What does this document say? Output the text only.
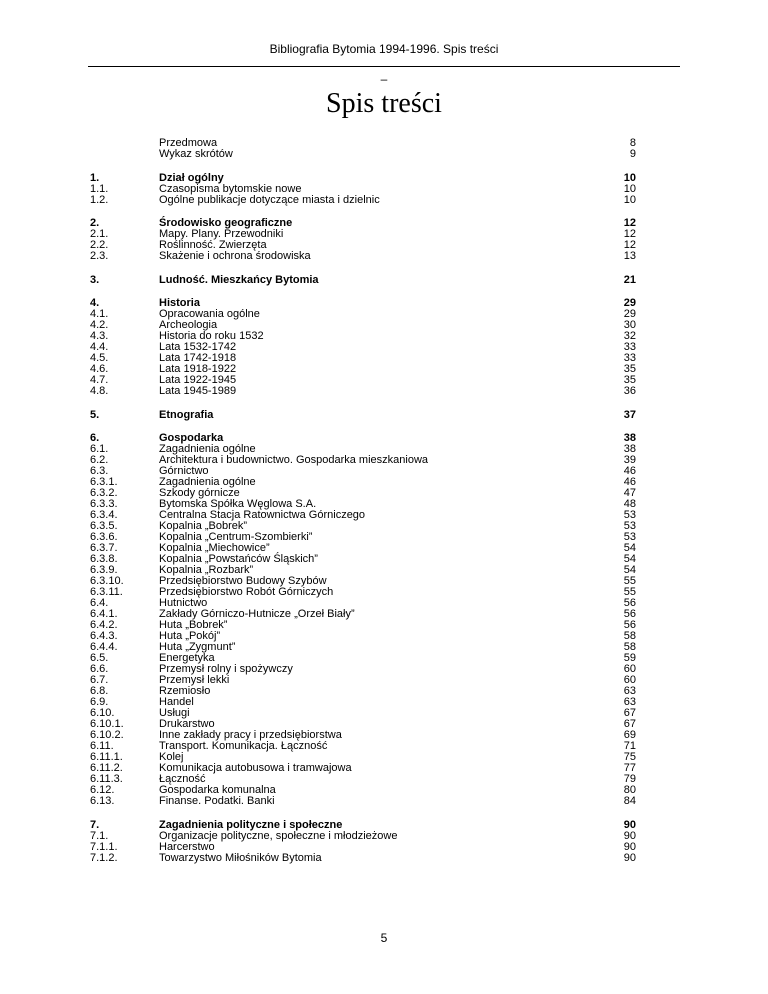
Bibliografia Bytomia 1994-1996. Spis treści
–
Spis treści
Przedmowa	8
Wykaz skrótów	9
1.	Dział ogólny	10
1.1.	Czasopisma bytomskie nowe	10
1.2.	Ogólne publikacje dotyczące miasta i dzielnic	10
2.	Środowisko geograficzne	12
2.1.	Mapy. Plany. Przewodniki	12
2.2.	Roślinność. Zwierzęta	12
2.3.	Skażenie i ochrona środowiska	13
3.	Ludność. Mieszkańcy Bytomia	21
4.	Historia	29
4.1.	Opracowania ogólne	29
4.2.	Archeologia	30
4.3.	Historia do roku 1532	32
4.4.	Lata 1532-1742	33
4.5.	Lata 1742-1918	33
4.6.	Lata 1918-1922	35
4.7.	Lata 1922-1945	35
4.8.	Lata 1945-1989	36
5.	Etnografia	37
6.	Gospodarka	38
6.1.	Zagadnienia ogólne	38
6.2.	Architektura i budownictwo. Gospodarka mieszkaniowa	39
6.3.	Górnictwo	46
6.3.1.	Zagadnienia ogólne	46
6.3.2.	Szkody górnicze	47
6.3.3.	Bytomska Spółka Węglowa S.A.	48
6.3.4.	Centralna Stacja Ratownictwa Górniczego	53
6.3.5.	Kopalnia „Bobrek”	53
6.3.6.	Kopalnia „Centrum-Szombierki”	53
6.3.7.	Kopalnia „Miechowice”	54
6.3.8.	Kopalnia „Powstańców Śląskich”	54
6.3.9.	Kopalnia „Rozbark”	54
6.3.10.	Przedsiębiorstwo Budowy Szybów	55
6.3.11.	Przedsiębiorstwo Robót Górniczych	55
6.4.	Hutnictwo	56
6.4.1.	Zakłady Górniczo-Hutnicze „Orzeł Biały”	56
6.4.2.	Huta „Bobrek”	56
6.4.3.	Huta „Pokój”	58
6.4.4.	Huta „Zygmunt”	58
6.5.	Energetyka	59
6.6.	Przemysł rolny i spożywczy	60
6.7.	Przemysł lekki	60
6.8.	Rzemiosło	63
6.9.	Handel	63
6.10.	Usługi	67
6.10.1.	Drukarstwo	67
6.10.2.	Inne zakłady pracy i przedsiębiorstwa	69
6.11.	Transport. Komunikacja. Łączność	71
6.11.1.	Kolej	75
6.11.2.	Komunikacja autobusowa i tramwajowa	77
6.11.3.	Łączność	79
6.12.	Gospodarka komunalna	80
6.13.	Finanse. Podatki. Banki	84
7.	Zagadnienia polityczne i społeczne	90
7.1.	Organizacje polityczne, społeczne i młodzieżowe	90
7.1.1.	Harcerstwo	90
7.1.2.	Towarzystwo Miłośników Bytomia	90
5
